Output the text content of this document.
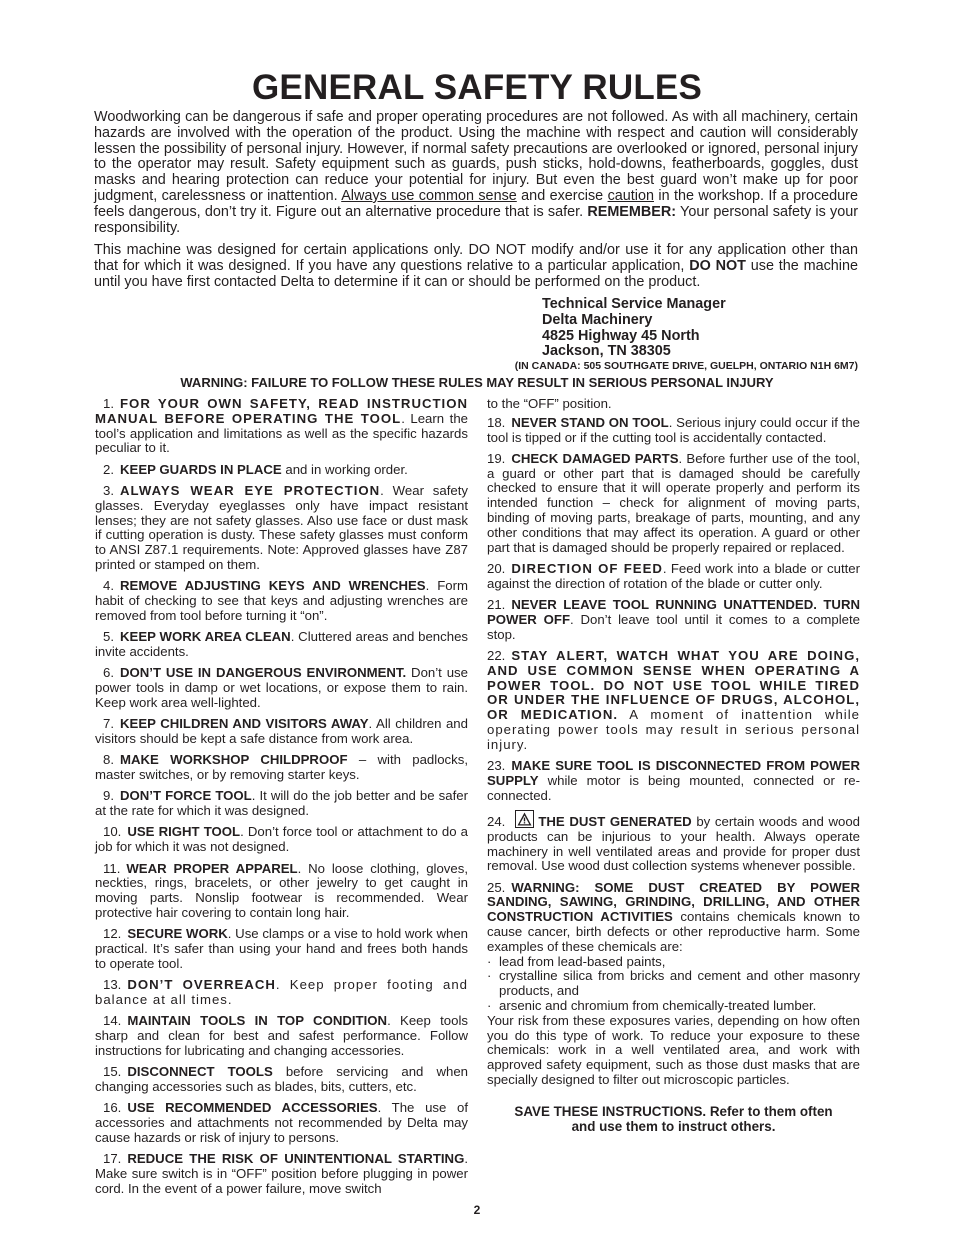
GENERAL SAFETY RULES

Woodworking can be dangerous if safe and proper operating procedures are not followed. As with all machinery, certain hazards are involved with the operation of the product. Using the machine with respect and caution will considerably lessen the possibility of personal injury. However, if normal safety precautions are overlooked or ignored, personal injury to the operator may result. Safety equipment such as guards, push sticks, hold-downs, featherboards, goggles, dust masks and hearing protection can reduce your potential for injury. But even the best guard won’t make up for poor judgment, carelessness or inattention. Always use common sense and exercise caution in the workshop. If a procedure feels dangerous, don’t try it. Figure out an alternative procedure that is safer. REMEMBER: Your personal safety is your responsibility.

This machine was designed for certain applications only. DO NOT modify and/or use it for any application other than that for which it was designed. If you have any questions relative to a particular application, DO NOT use the machine until you have first contacted Delta to determine if it can or should be performed on the product.

Technical Service Manager
Delta Machinery
4825 Highway 45 North
Jackson, TN 38305
(IN CANADA: 505 SOUTHGATE DRIVE, GUELPH, ONTARIO N1H 6M7)
WARNING: FAILURE TO FOLLOW THESE RULES MAY RESULT IN SERIOUS PERSONAL INJURY

1. FOR YOUR OWN SAFETY, READ INSTRUCTION MANUAL BEFORE OPERATING THE TOOL. Learn the tool’s application and limitations as well as the specific hazards peculiar to it.

2. KEEP GUARDS IN PLACE and in working order.

3. ALWAYS WEAR EYE PROTECTION. Wear safety glasses. Everyday eyeglasses only have impact resistant lenses; they are not safety glasses. Also use face or dust mask if cutting operation is dusty. These safety glasses must conform to ANSI Z87.1 requirements. Note: Approved glasses have Z87 printed or stamped on them.

4. REMOVE ADJUSTING KEYS AND WRENCHES. Form habit of checking to see that keys and adjusting wrenches are removed from tool before turning it “on”.

5. KEEP WORK AREA CLEAN. Cluttered areas and benches invite accidents.

6. DON’T USE IN DANGEROUS ENVIRONMENT. Don’t use power tools in damp or wet locations, or expose them to rain. Keep work area well-lighted.

7. KEEP CHILDREN AND VISITORS AWAY. All children and visitors should be kept a safe distance from work area.

8. MAKE WORKSHOP CHILDPROOF – with padlocks, master switches, or by removing starter keys.

9. DON’T FORCE TOOL. It will do the job better and be safer at the rate for which it was designed.

10. USE RIGHT TOOL. Don’t force tool or attachment to do a job for which it was not designed.

11. WEAR PROPER APPAREL. No loose clothing, gloves, neckties, rings, bracelets, or other jewelry to get caught in moving parts. Nonslip footwear is recommended. Wear protective hair covering to contain long hair.

12. SECURE WORK. Use clamps or a vise to hold work when practical. It’s safer than using your hand and frees both hands to operate tool.

13. DON’T OVERREACH. Keep proper footing and balance at all times.

14. MAINTAIN TOOLS IN TOP CONDITION. Keep tools sharp and clean for best and safest performance. Follow instructions for lubricating and changing accessories.

15. DISCONNECT TOOLS before servicing and when changing accessories such as blades, bits, cutters, etc.

16. USE RECOMMENDED ACCESSORIES. The use of accessories and attachments not recommended by Delta may cause hazards or risk of injury to persons.

17. REDUCE THE RISK OF UNINTENTIONAL STARTING. Make sure switch is in “OFF” position before plugging in power cord. In the event of a power failure, move switch

to the “OFF” position.

18. NEVER STAND ON TOOL. Serious injury could occur if the tool is tipped or if the cutting tool is accidentally contacted.

19. CHECK DAMAGED PARTS. Before further use of the tool, a guard or other part that is damaged should be carefully checked to ensure that it will operate properly and perform its intended function – check for alignment of moving parts, binding of moving parts, breakage of parts, mounting, and any other conditions that may affect its operation. A guard or other part that is damaged should be properly repaired or replaced.

20. DIRECTION OF FEED. Feed work into a blade or cutter against the direction of rotation of the blade or cutter only.

21. NEVER LEAVE TOOL RUNNING UNATTENDED. TURN POWER OFF. Don’t leave tool until it comes to a complete stop.

22. STAY ALERT, WATCH WHAT YOU ARE DOING, AND USE COMMON SENSE WHEN OPERATING A POWER TOOL. DO NOT USE TOOL WHILE TIRED OR UNDER THE INFLUENCE OF DRUGS, ALCOHOL, OR MEDICATION. A moment of inattention while operating power tools may result in serious personal injury.

23. MAKE SURE TOOL IS DISCONNECTED FROM POWER SUPPLY while motor is being mounted, connected or re-connected.

24.	THE DUST GENERATED by certain woods and wood products can be injurious to your health. Always operate machinery in well ventilated areas and provide for proper dust removal. Use wood dust collection systems whenever possible.

25. WARNING: SOME DUST CREATED BY POWER SANDING, SAWING, GRINDING, DRILLING, AND OTHER CONSTRUCTION ACTIVITIES contains chemicals known to cause cancer, birth defects or other reproductive harm. Some examples of these chemicals are:

· lead from lead-based paints,

· crystalline silica from bricks and cement and other masonry products, and

· arsenic and chromium from chemically-treated lumber.

Your risk from these exposures varies, depending on how often you do this type of work. To reduce your exposure to these chemicals: work in a well ventilated area, and work with approved safety equipment, such as those dust masks that are specially designed to filter out microscopic particles.

SAVE THESE INSTRUCTIONS. Refer to them often
and use them to instruct others.
2
